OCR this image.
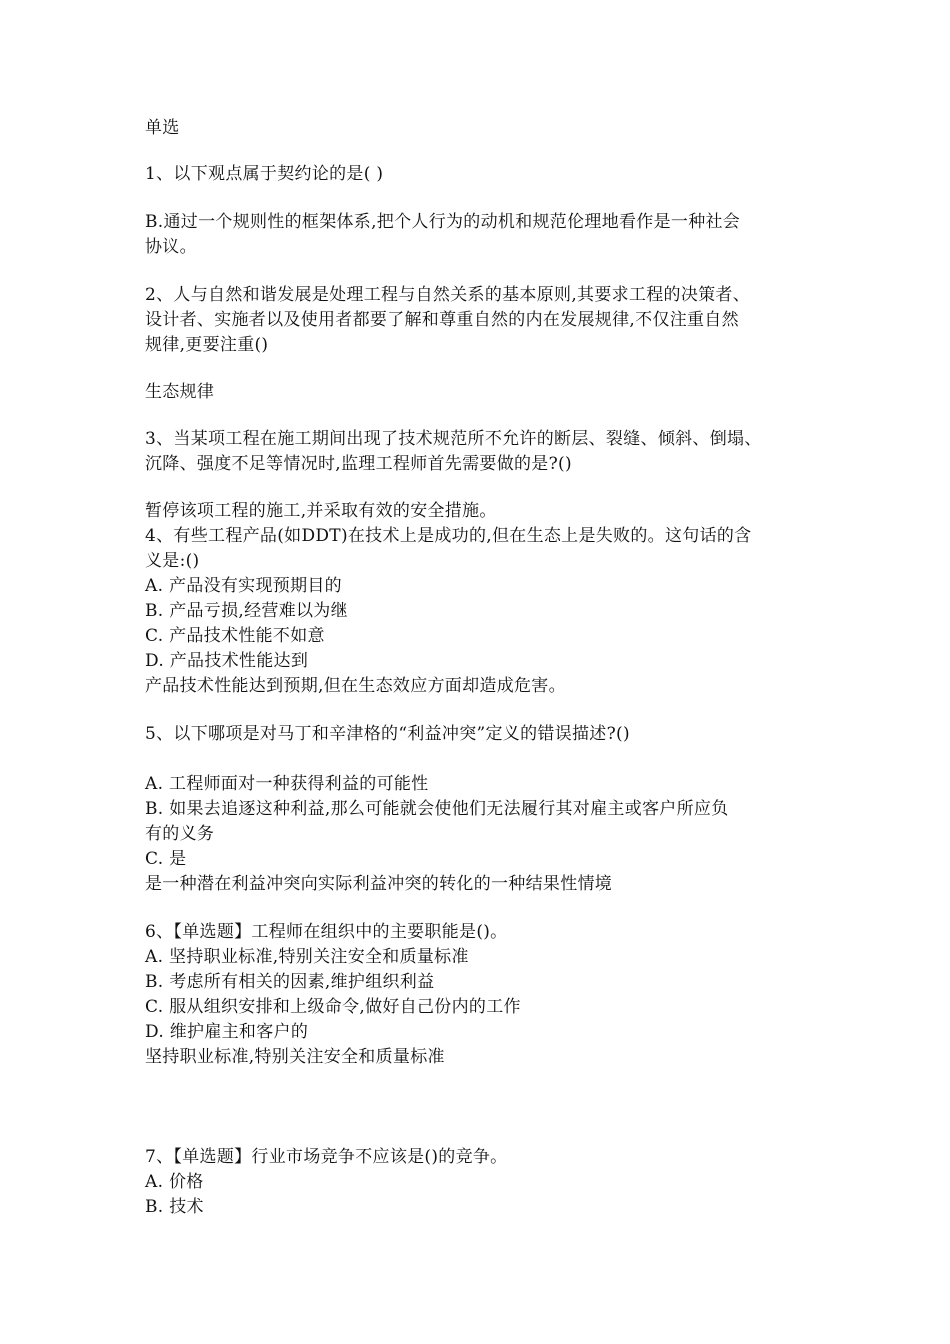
单选
1、以下观点属于契约论的是( )
B.通过一个规则性的框架体系,把个人行为的动机和规范伦理地看作是一种社会
协议。
2、人与自然和谐发展是处理工程与自然关系的基本原则,其要求工程的决策者、
设计者、实施者以及使用者都要了解和尊重自然的内在发展规律,不仅注重自然
规律,更要注重()
生态规律
3、当某项工程在施工期间出现了技术规范所不允许的断层、裂缝、倾斜、倒塌、
沉降、强度不足等情况时,监理工程师首先需要做的是?()
暂停该项工程的施工,并采取有效的安全措施。
4、有些工程产品(如DDT)在技术上是成功的,但在生态上是失败的。这句话的含
义是:()
A. 产品没有实现预期目的
B. 产品亏损,经营难以为继
C. 产品技术性能不如意
D. 产品技术性能达到
产品技术性能达到预期,但在生态效应方面却造成危害。
5、以下哪项是对马丁和辛津格的“利益冲突”定义的错误描述?()
A. 工程师面对一种获得利益的可能性
B. 如果去追逐这种利益,那么可能就会使他们无法履行其对雇主或客户所应负
有的义务
C. 是
是一种潜在利益冲突向实际利益冲突的转化的一种结果性情境
6、【单选题】工程师在组织中的主要职能是()。
A. 坚持职业标准,特别关注安全和质量标准
B. 考虑所有相关的因素,维护组织利益
C. 服从组织安排和上级命令,做好自己份内的工作
D. 维护雇主和客户的
坚持职业标准,特别关注安全和质量标准
7、【单选题】行业市场竞争不应该是()的竞争。
A. 价格
B. 技术
